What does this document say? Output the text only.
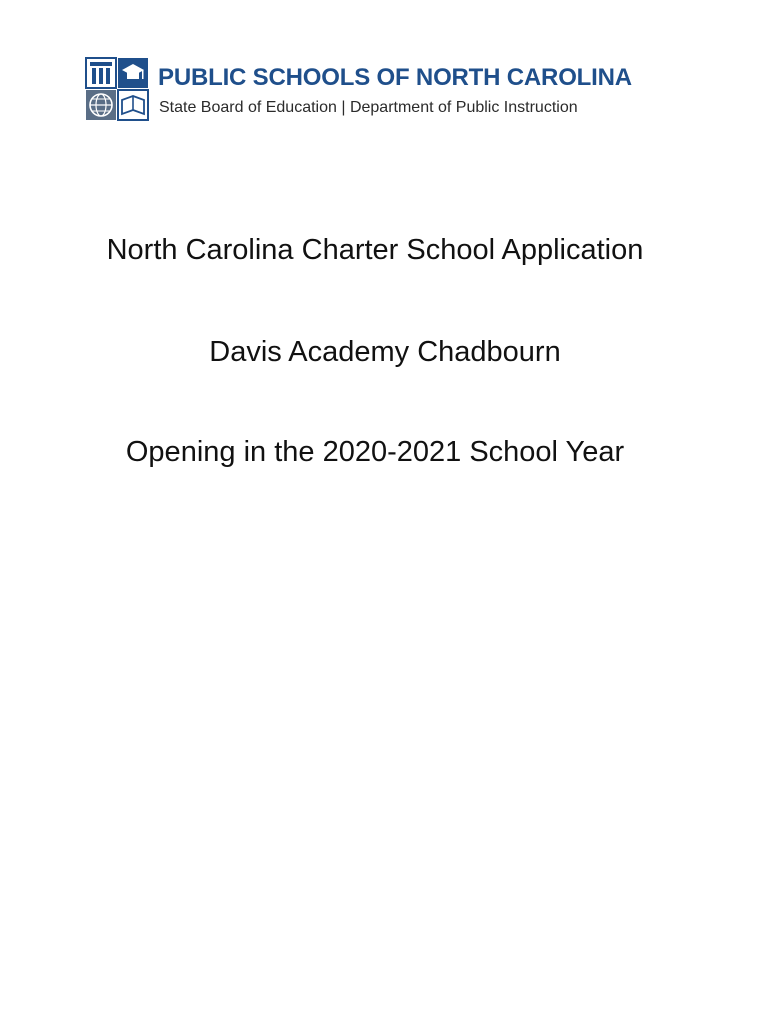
PUBLIC SCHOOLS OF NORTH CAROLINA
State Board of Education | Department of Public Instruction
North Carolina Charter School Application
Davis Academy Chadbourn
Opening in the 2020-2021 School Year
